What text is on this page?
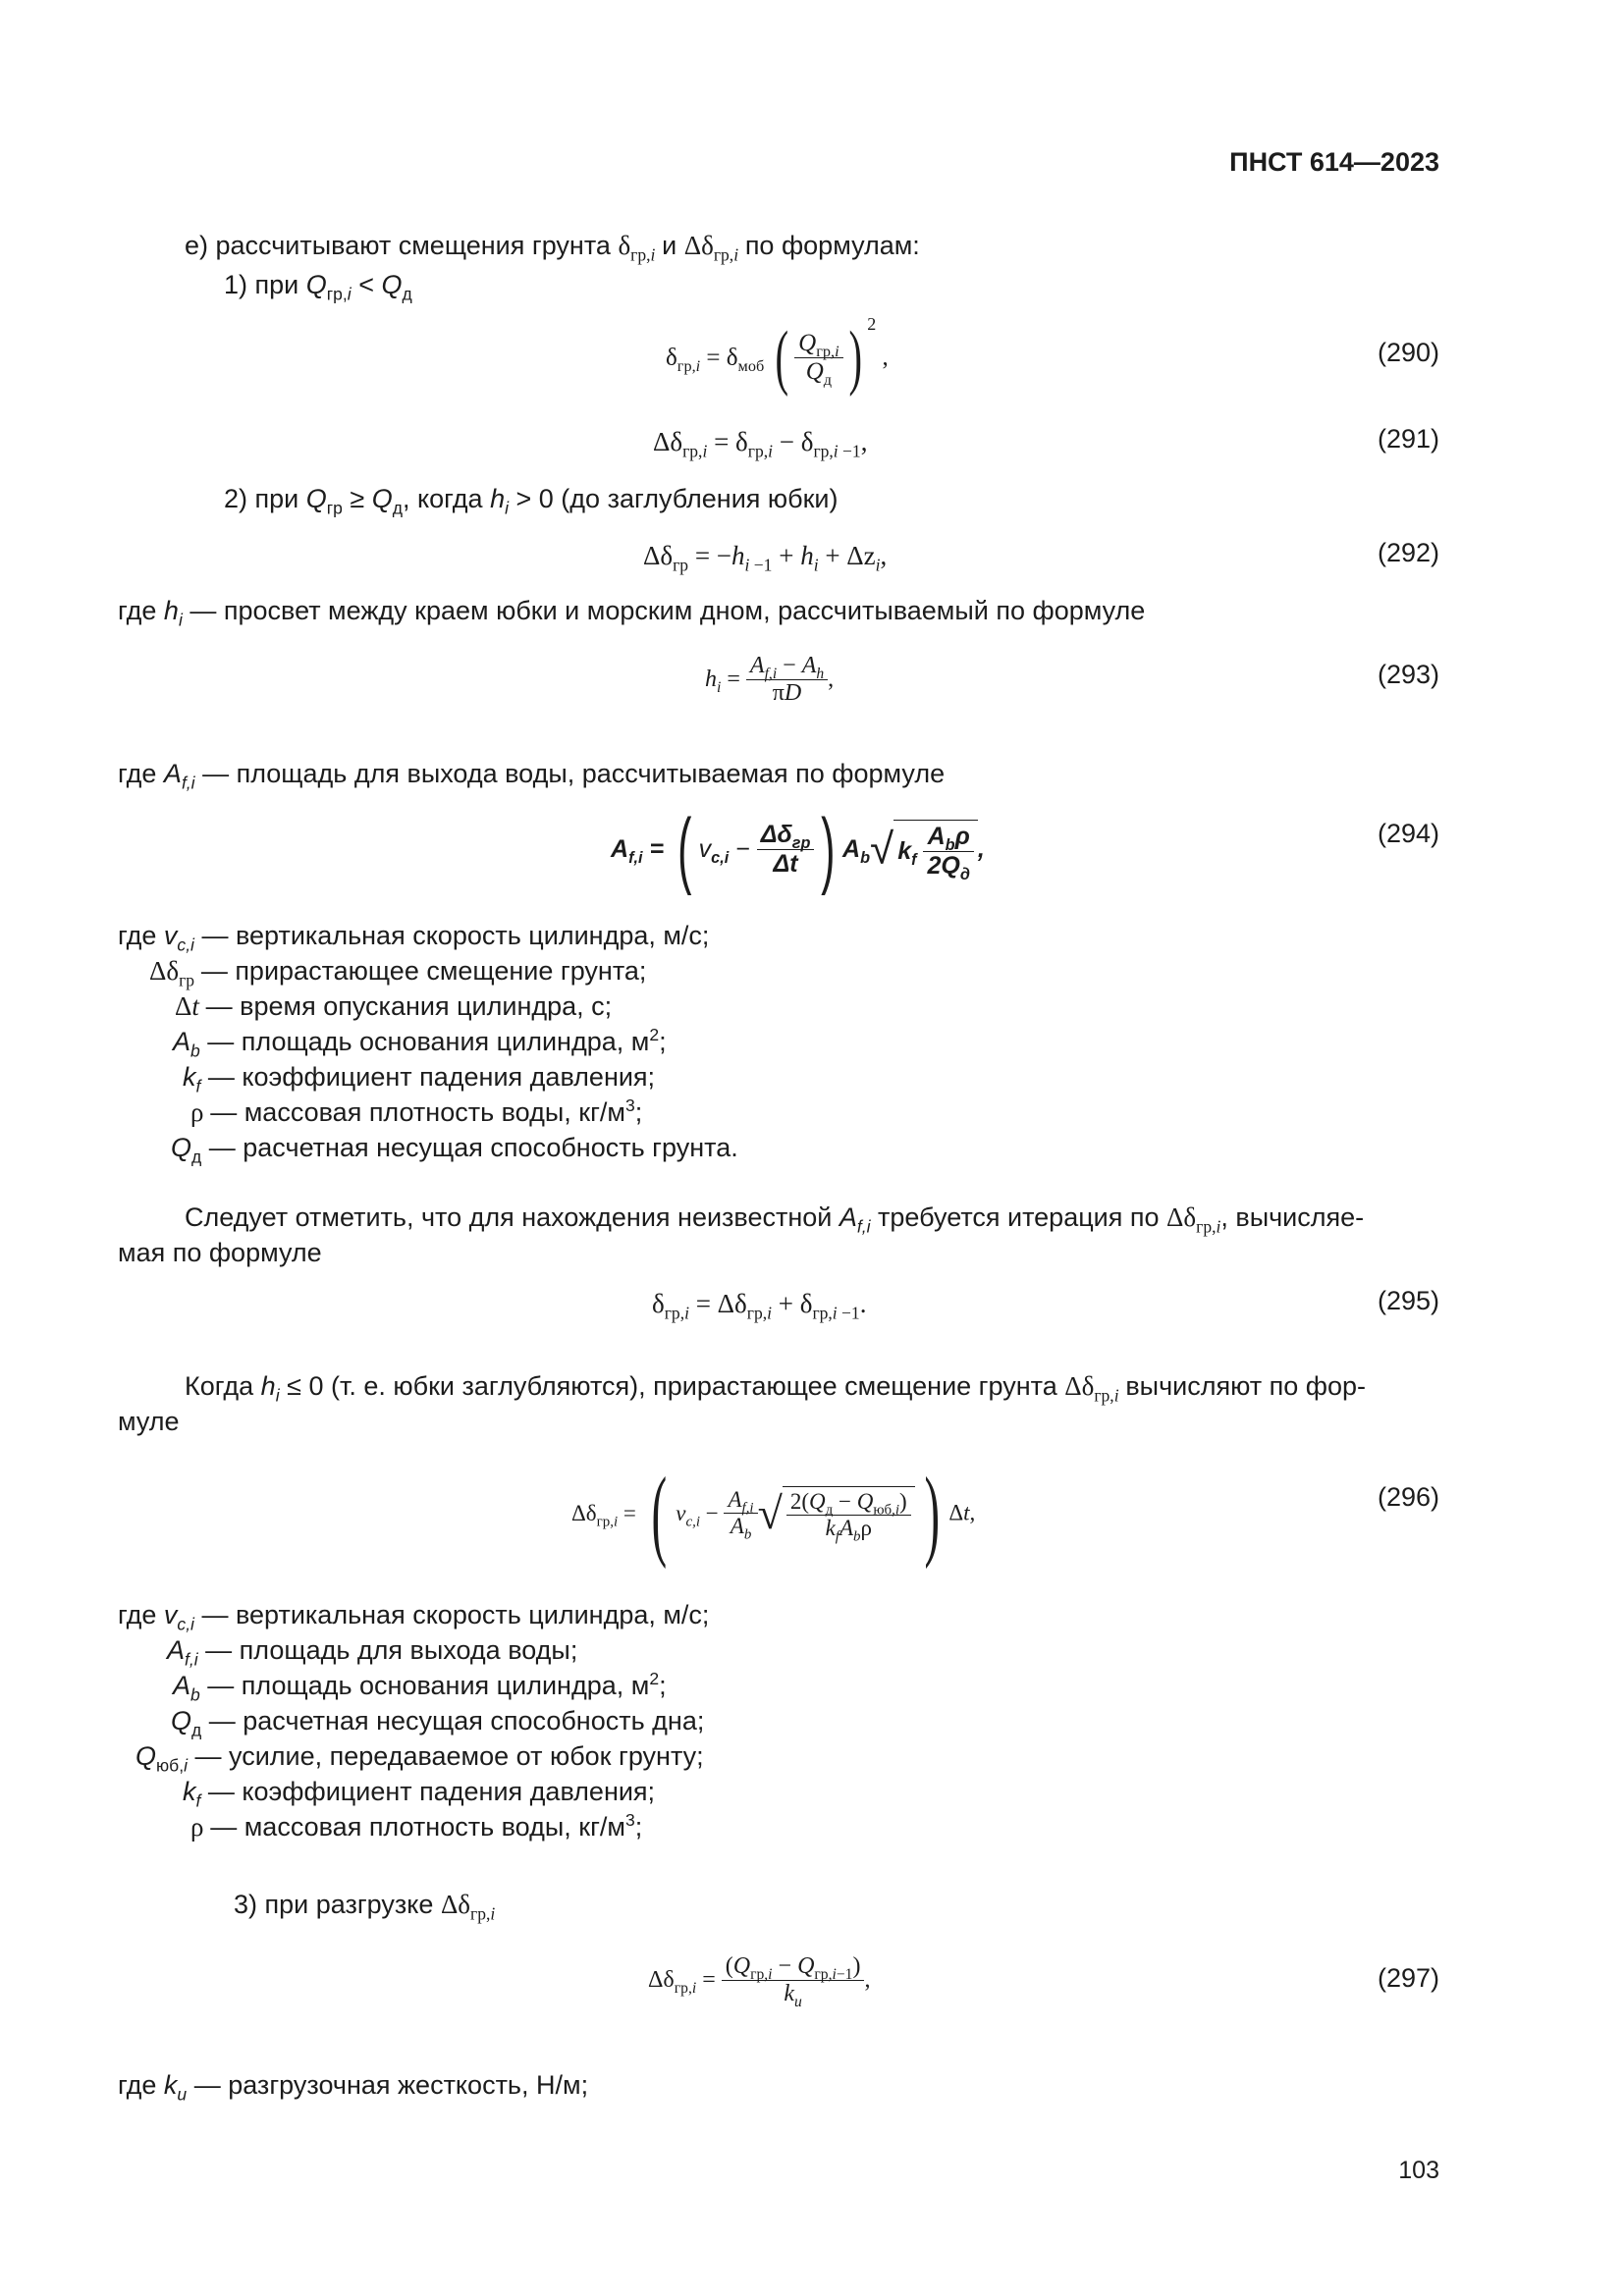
ПНСТ 614—2023
е) рассчитывают смещения грунта $\delta_{гр,i}$ и $\Delta\delta_{гр,i}$ по формулам:
1) при $Q_{гр,i} < Q_д$
$\delta_{гр,i} = \delta_{моб}$ ( $\frac{Q_{гр,i}}{Q_д}$ ) $^2$ ,	(290)
$\Delta\delta_{гр,i} = \delta_{гр,i} - \delta_{гр,i -1}$,	(291)
2) при $Q_{гр} \ge Q_д$, когда $h_i > 0$ (до заглубления юбки)
$\Delta\delta_{гр} = -h_{i -1} + h_i + \Delta z_i$,	(292)
где $h_i$ — просвет между краем юбки и морским дном, рассчитываемый по формуле
$h_i = \frac{A_{f,i} - A_h}{\pi D}$ ,	(293)
где $A_{f,i}$ — площадь для выхода воды, рассчитываемая по формуле
$A_{f,i}$ = ( $v_{c,i} - \frac{\Delta\delta_{гр}}{\Delta t}$ ) $A_b√$ $k_f \frac{A_b\rho}{2Q_д}$ ,
(294)
где $v_{c,i}$ — вертикальная скорость цилиндра, м/с;
$\Delta\delta_{гр}$ — прирастающее смещение грунта;
Δt — время опускания цилиндра, с;
$A_b$ — площадь основания цилиндра, $м^2$;
$k_f$ — коэффициент падения давления;
ρ — массовая плотность воды, $кг/м^3$;
$Q_д$ — расчетная несущая способность грунта.
Следует отметить, что для нахождения неизвестной $A_{f,i}$ требуется итерация по $\Delta\delta_{гр,i}$, вычисляе-
мая по формуле
$\delta_{гр,i} = \Delta\delta_{гр,i} + \delta_{гр,i -1}$.	(295)
Когда $h_i \le 0$ (т. е. юбки заглубляются), прирастающее смещение грунта $\Delta\delta_{гр,i}$ вычисляют по фор-
муле
$\Delta\delta_{гр,i}$ = ( $v_{c,i} - \frac{A_{f,i}}{A_b}$ √ $\frac{2(Q_д - Q_{юб,i})}{k_fA_b\rho}$ ) Δt,
(296)
где $v_{c,i}$ — вертикальная скорость цилиндра, м/с;
$A_{f,i}$ — площадь для выхода воды;
$A_b$ — площадь основания цилиндра, $м^2$;
$Q_д$ — расчетная несущая способность дна;
$Q_{юб,i}$ — усилие, передаваемое от юбок грунту;
$k_f$ — коэффициент падения давления;
ρ — массовая плотность воды, $кг/м^3$;
3) при разгрузке $\Delta\delta_{гр,i}$
$\Delta\delta_{гр,i} = \frac{(Q_{гр,i} - Q_{гр,i-1})}{k_u}$ ,	(297)
где $k_u$ — разгрузочная жесткость, Н/м;
103
